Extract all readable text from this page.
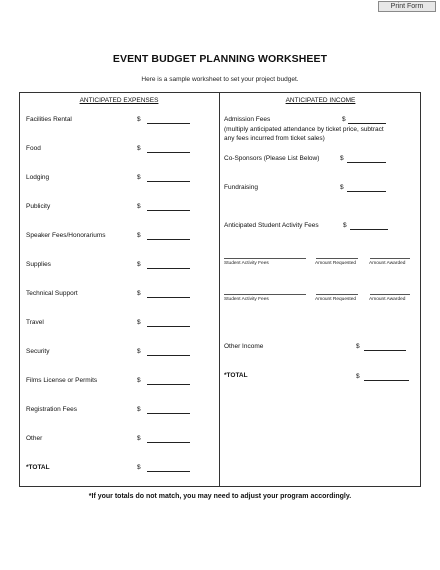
Print Form
EVENT BUDGET PLANNING WORKSHEET
Here is a sample worksheet to set your project budget.
ANTICIPATED EXPENSES
Facilities Rental	$
Food	$
Lodging	$
Publicity	$
Speaker Fees/Honorariums	$
Supplies	$
Technical Support	$
Travel	$
Security	$
Films License or Permits	$
Registration Fees	$
Other	$
*TOTAL	$
ANTICIPATED INCOME
Admission Fees	$
(multiply anticipated attendance by ticket price, subtract
any fees incurred from ticket sales)
Co-Sponsors (Please List Below)	$
Fundraising	$
Anticipated Student Activity Fees	$
Student Activity Fees	Amount Requested	Amount Awarded
Student Activity Fees	Amount Requested	Amount Awarded
Other Income	$
*TOTAL	$
*If your totals do not match, you may need to adjust your program accordingly.
